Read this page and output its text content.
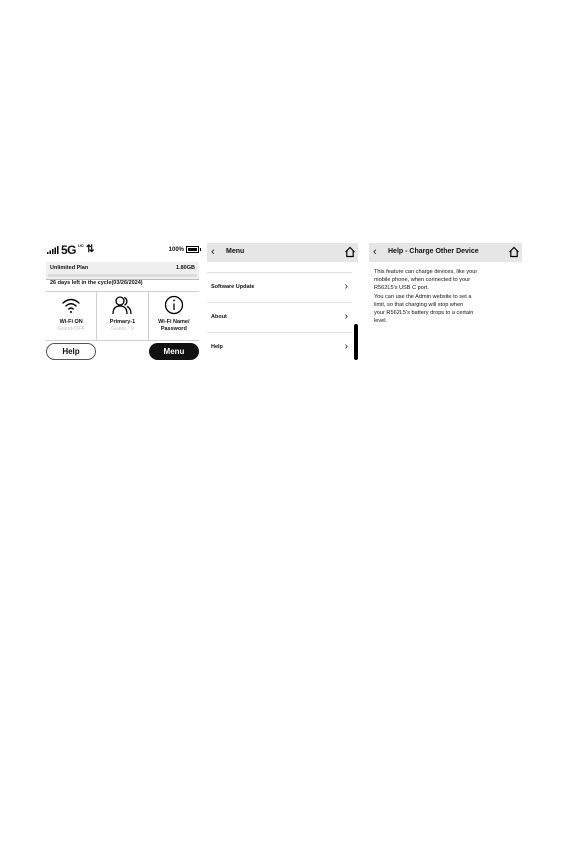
5G UC ⇅	100%
Unlimited Plan	1.80GB
26 days left in the cycle(03/26/2024)
Wi-Fi ON
Guest-OFF
Primary-1
Guest - 0
Wi-Fi Name/
Password
Help	Menu
‹ Menu
Software Update	›
About	›
Help	›
‹ Help - Charge Other Device
This feature can charge devices, like your
mobile phone, when connected to your
R562L5's USB C port.
You can use the Admin website to set a
limit, so that charging will stop when
your R562L5's battery drops to a certain
level.
